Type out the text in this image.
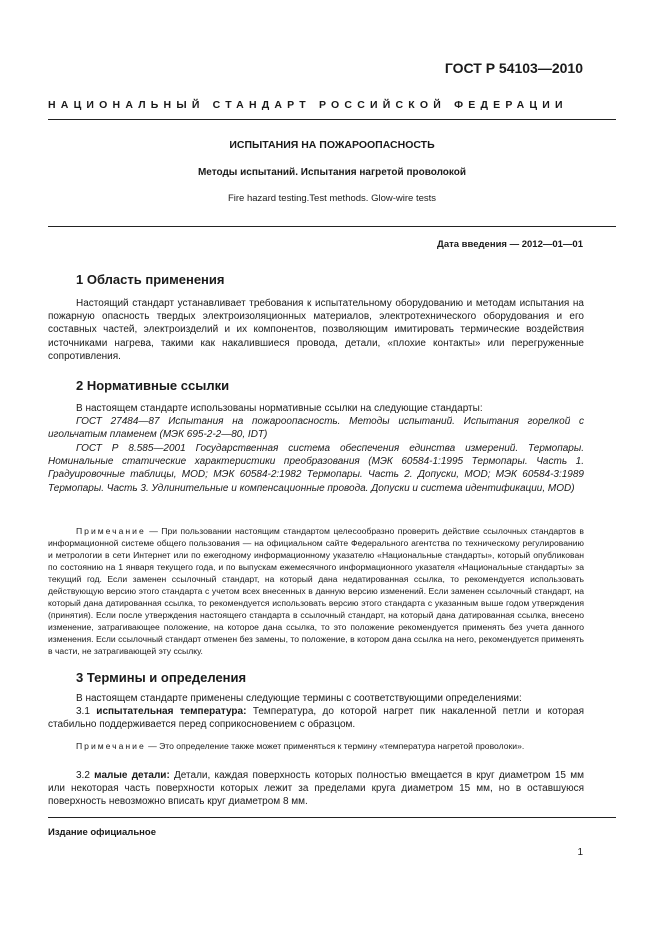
ГОСТ Р 54103—2010
НАЦИОНАЛЬНЫЙ СТАНДАРТ РОССИЙСКОЙ ФЕДЕРАЦИИ
ИСПЫТАНИЯ НА ПОЖАРООПАСНОСТЬ
Методы испытаний. Испытания нагретой проволокой
Fire hazard testing.Test methods. Glow-wire tests
Дата введения — 2012—01—01
1 Область применения

Настоящий стандарт устанавливает требования к испытательному оборудованию и методам испытания на пожарную опасность твердых электроизоляционных материалов, электротехнического оборудования и его составных частей, электроизделий и их компонентов, позволяющим имитировать термические воздействия источниками нагрева, такими как накалившиеся провода, детали, «плохие контакты» или перегруженные сопротивления.

2 Нормативные ссылки

В настоящем стандарте использованы нормативные ссылки на следующие стандарты:

ГОСТ 27484—87 Испытания на пожароопасность. Методы испытаний. Испытания горелкой с игольчатым пламенем (МЭК 695-2-2—80, IDT)

ГОСТ Р 8.585—2001 Государственная система обеспечения единства измерений. Термопары. Номинальные статические характеристики преобразования (МЭК 60584-1:1995 Термопары. Часть 1. Градуировочные таблицы, MOD; МЭК 60584-2:1982 Термопары. Часть 2. Допуски, MOD; МЭК 60584-3:1989 Термопары. Часть 3. Удлинительные и компенсационные провода. Допуски и система идентификации, MOD)

Примечание — При пользовании настоящим стандартом целесообразно проверить действие ссылочных стандартов в информационной системе общего пользования — на официальном сайте Федерального агентства по техническому регулированию и метрологии в сети Интернет или по ежегодному информационному указателю «Национальные стандарты», который опубликован по состоянию на 1 января текущего года, и по выпускам ежемесячного информационного указателя «Национальные стандарты» за текущий год. Если заменен ссылочный стандарт, на который дана недатированная ссылка, то рекомендуется использовать действующую версию этого стандарта с учетом всех внесенных в данную версию изменений. Если заменен ссылочный стандарт, на который дана датированная ссылка, то рекомендуется использовать версию этого стандарта с указанным выше годом утверждения (принятия). Если после утверждения настоящего стандарта в ссылочный стандарт, на который дана датированная ссылка, внесено изменение, затрагивающее положение, на которое дана ссылка, то это положение рекомендуется применять без учета данного изменения. Если ссылочный стандарт отменен без замены, то положение, в котором дана ссылка на него, рекомендуется применять в части, не затрагивающей эту ссылку.

3 Термины и определения

В настоящем стандарте применены следующие термины с соответствующими определениями:

3.1 испытательная температура: Температура, до которой нагрет пик накаленной петли и которая стабильно поддерживается перед соприкосновением с образцом.

Примечание — Это определение также может применяться к термину «температура нагретой проволоки».

3.2 малые детали: Детали, каждая поверхность которых полностью вмещается в круг диаметром 15 мм или некоторая часть поверхности которых лежит за пределами круга диаметром 15 мм, но в оставшуюся поверхность невозможно вписать круг диаметром 8 мм.

Издание официальное
1
